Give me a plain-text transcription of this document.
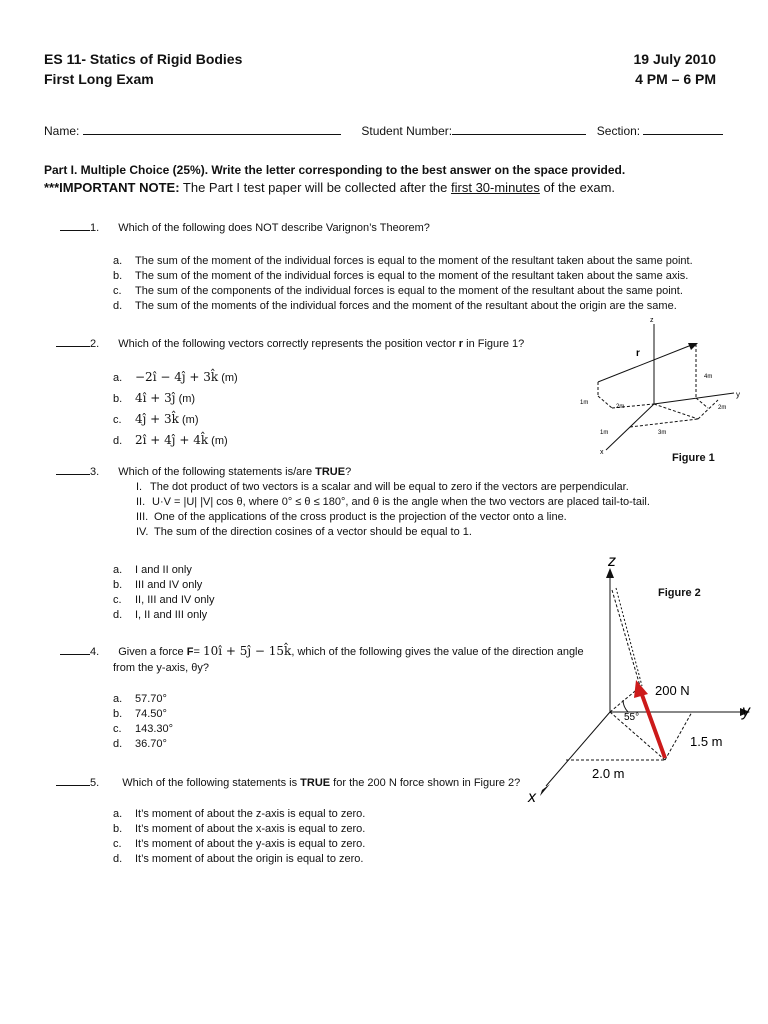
ES 11- Statics of Rigid Bodies
First Long Exam
19 July 2010
4 PM – 6 PM
Name:	Student Number:	Section:
Part I. Multiple Choice (25%). Write the letter corresponding to the best answer on the space provided.
***IMPORTANT NOTE: The Part I test paper will be collected after the first 30-minutes of the exam.
1. Which of the following does NOT describe Varignon’s Theorem?
a. The sum of the moment of the individual forces is equal to the moment of the resultant taken about the same point.
b. The sum of the moment of the individual forces is equal to the moment of the resultant taken about the same axis.
c. The sum of the components of the individual forces is equal to the moment of the resultant about the same point.
d. The sum of the moments of the individual forces and the moment of the resultant about the origin are the same.
2. Which of the following vectors correctly represents the position vector r in Figure 1?
a. −2î − 4ĵ + 3k̂ (m)
b. 4î + 3ĵ (m)
c. 4ĵ + 3k̂ (m)
d. 2î + 4ĵ + 4k̂ (m)
z
y
x
r
4m
1m
2m	2m
1m	3m
Figure 1
3. Which of the following statements is/are TRUE?
I. The dot product of two vectors is a scalar and will be equal to zero if the vectors are perpendicular.
II. U·V = |U| |V| cos θ, where 0° ≤ θ ≤ 180°, and θ is the angle when the two vectors are placed tail-to-tail.
III. One of the applications of the cross product is the projection of the vector onto a line.
IV. The sum of the direction cosines of a vector should be equal to 1.
a. I and II only
b. III and IV only
c. II, III and IV only
d. I, II and III only
4. Given a force F= 10î + 5ĵ − 15k̂, which of the following gives the value of the direction angle
from the y-axis, θy?
a. 57.70°
b. 74.50°
c. 143.30°
d. 36.70°
z
y
x
200 N
55°
1.5 m
2.0 m
Figure 2
5. Which of the following statements is TRUE for the 200 N force shown in Figure 2?
a. It’s moment of about the z-axis is equal to zero.
b. It’s moment of about the x-axis is equal to zero.
c. It’s moment of about the y-axis is equal to zero.
d. It’s moment of about the origin is equal to zero.
